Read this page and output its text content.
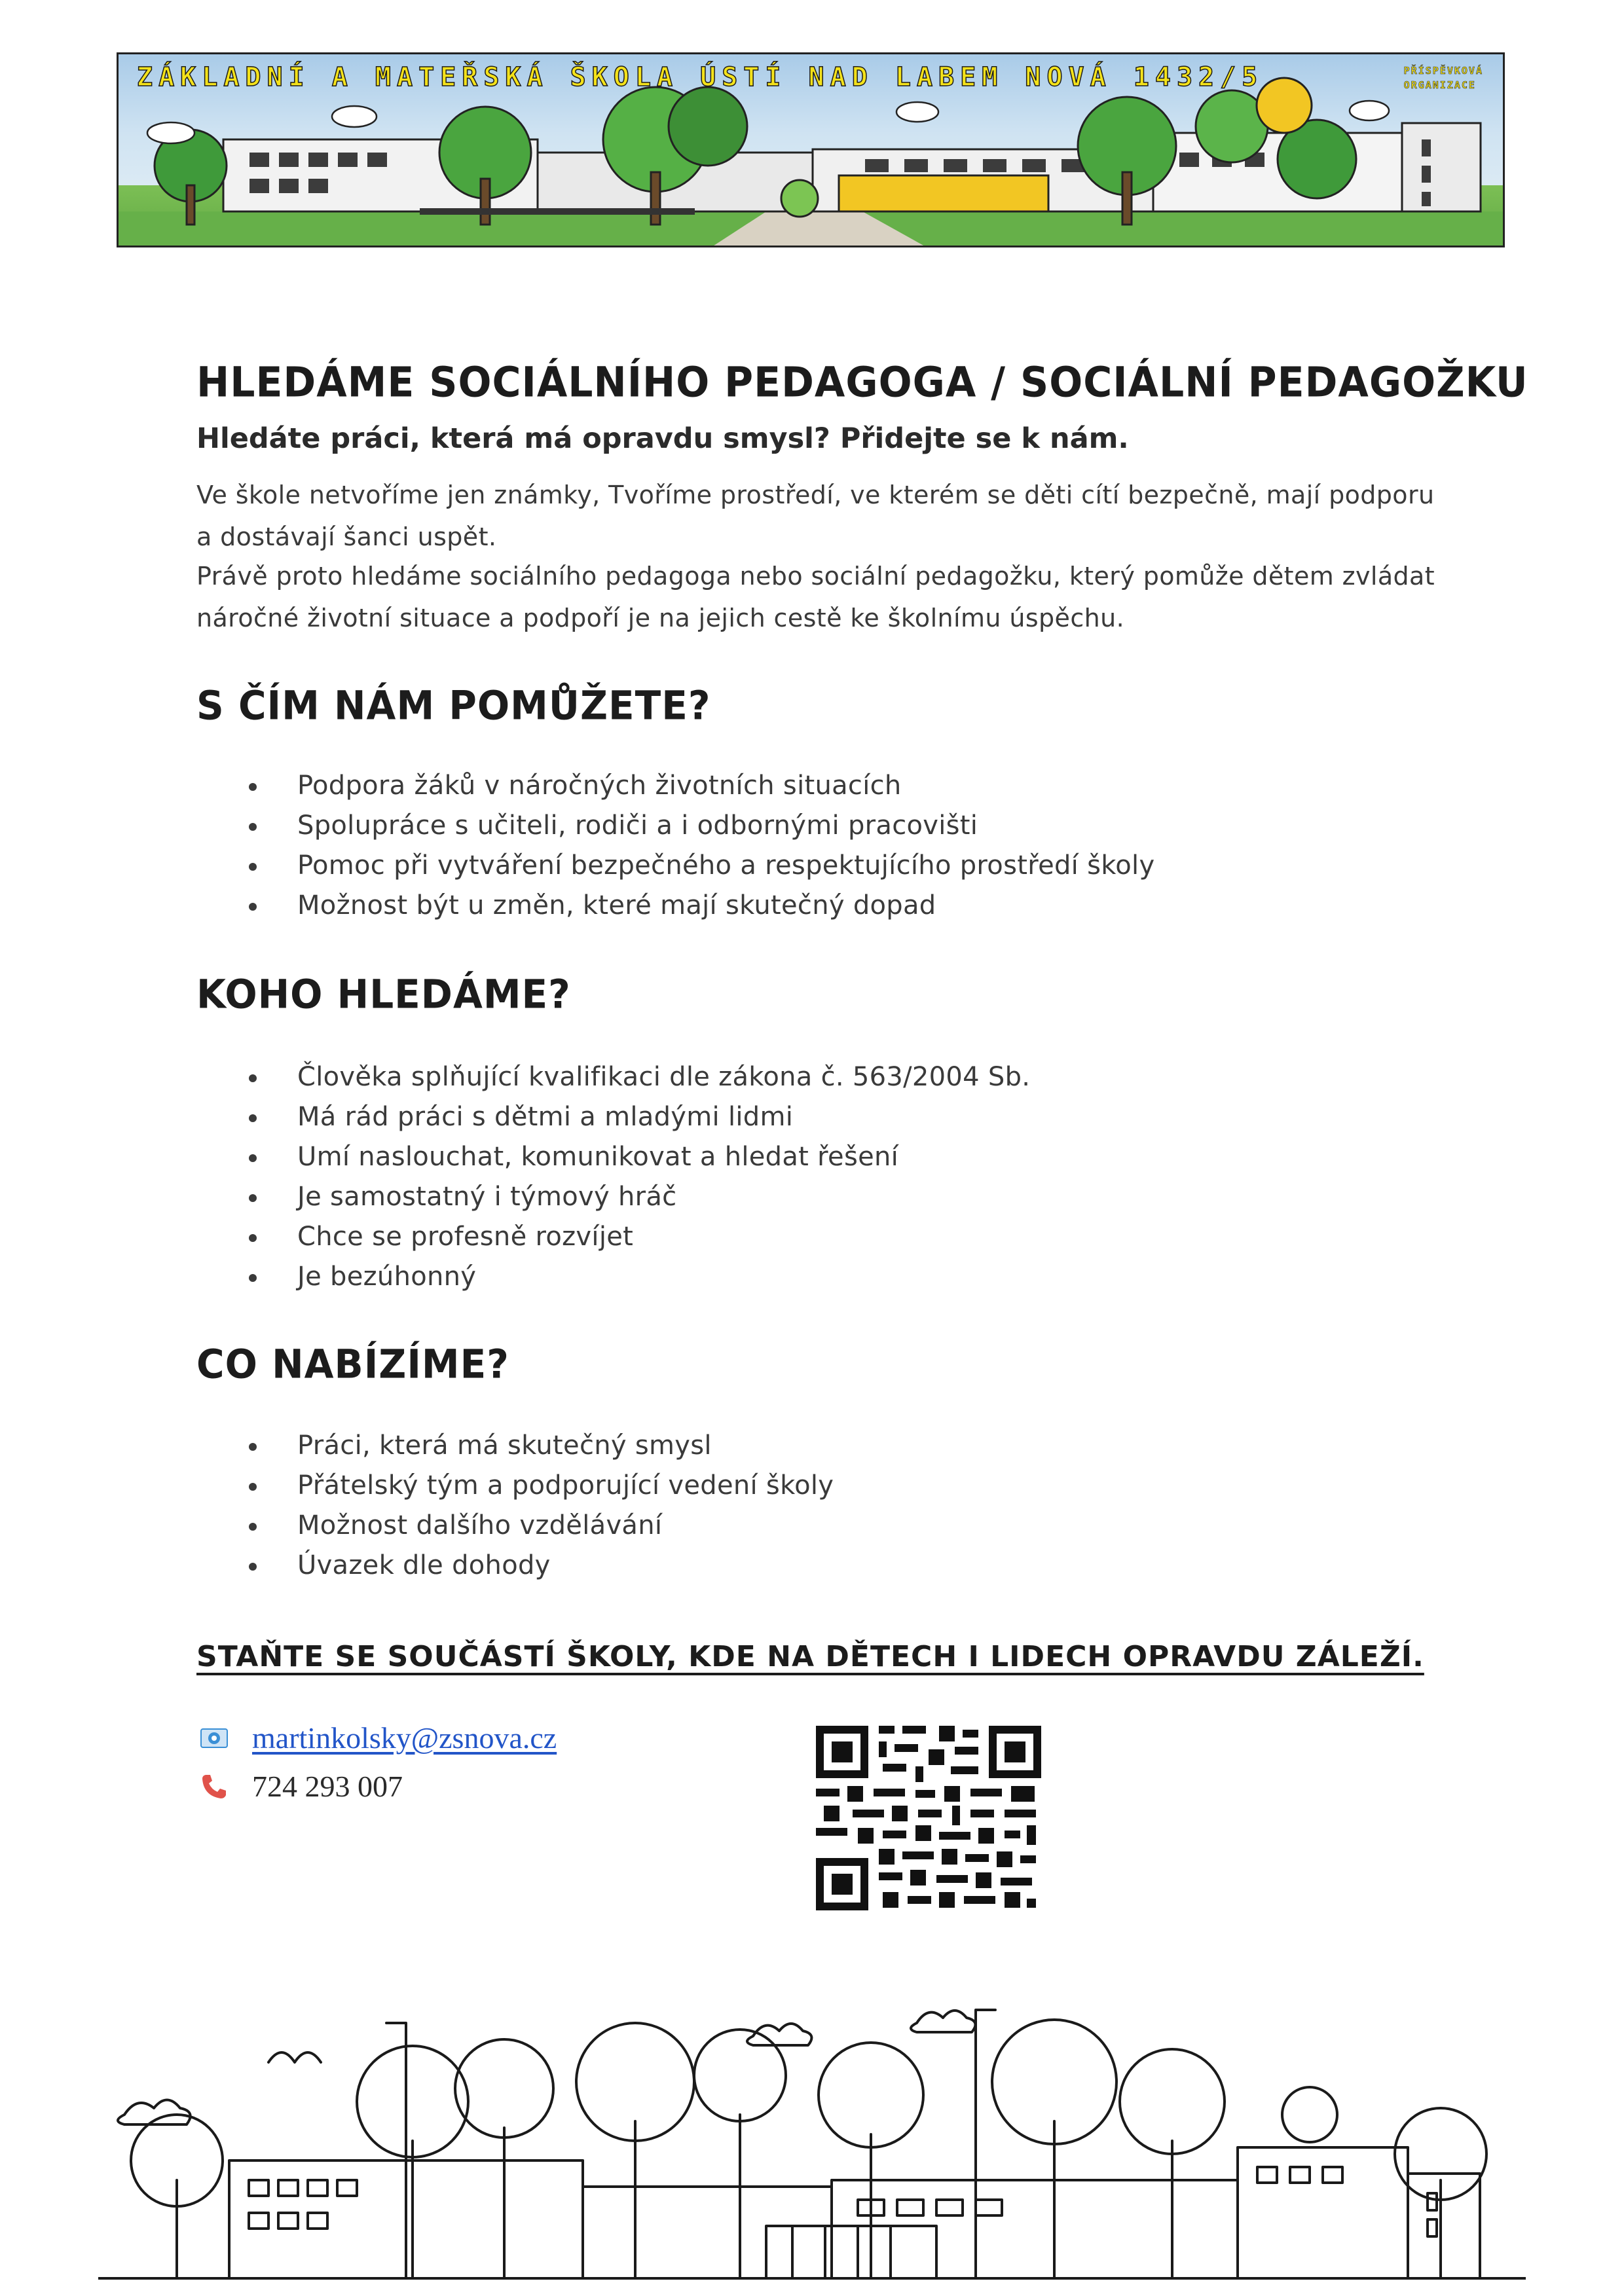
ZÁKLADNÍ A MATEŘSKÁ ŠKOLA ÚSTÍ NAD LABEM NOVÁ 1432/5	PŘÍSPĚVKOVÁ
ORGANIZACE
HLEDÁME SOCIÁLNÍHO PEDAGOGA / SOCIÁLNÍ PEDAGOŽKU
Hledáte práci, která má opravdu smysl? Přidejte se k nám.

Ve škole netvoříme jen známky, Tvoříme prostředí, ve kterém se děti cítí bezpečně, mají podporu a dostávají šanci uspět.

Právě proto hledáme sociálního pedagoga nebo sociální pedagožku, který pomůže dětem zvládat náročné životní situace a podpoří je na jejich cestě ke školnímu úspěchu.

S ČÍM NÁM POMŮŽETE?
Podpora žáků v náročných životních situacích
Spolupráce s učiteli, rodiči a i odbornými pracovišti
Pomoc při vytváření bezpečného a respektujícího prostředí školy
Možnost být u změn, které mají skutečný dopad
KOHO HLEDÁME?
Člověka splňující kvalifikaci dle zákona č. 563/2004 Sb.
Má rád práci s dětmi a mladými lidmi
Umí naslouchat, komunikovat a hledat řešení
Je samostatný i týmový hráč
Chce se profesně rozvíjet
Je bezúhonný
CO NABÍZÍME?
Práci, která má skutečný smysl
Přátelský tým a podporující vedení školy
Možnost dalšího vzdělávání
Úvazek dle dohody
STAŇTE SE SOUČÁSTÍ ŠKOLY, KDE NA DĚTECH I LIDECH OPRAVDU ZÁLEŽÍ.
martinkolsky@zsnova.cz
724 293 007
